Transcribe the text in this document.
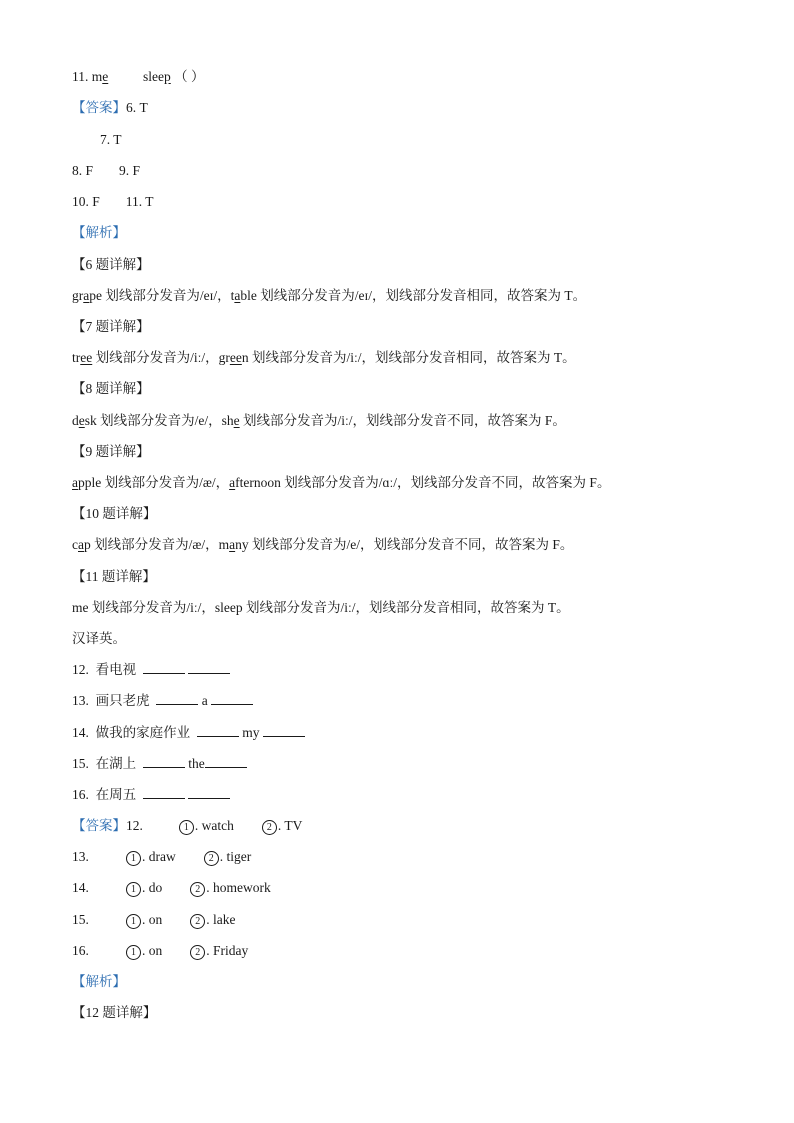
11. me	sleep （ ）
【答案】6. T
7. T
8. F 9. F
10. F 11. T
【解析】
【6 题详解】
grape 划线部分发音为/eɪ/，table 划线部分发音为/eɪ/，划线部分发音相同，故答案为 T。
【7 题详解】
tree 划线部分发音为/iː/，green 划线部分发音为/iː/，划线部分发音相同，故答案为 T。
【8 题详解】
desk 划线部分发音为/e/，she 划线部分发音为/iː/，划线部分发音不同，故答案为 F。
【9 题详解】
apple 划线部分发音为/æ/，afternoon 划线部分发音为/ɑː/，划线部分发音不同，故答案为 F。
【10 题详解】
cap 划线部分发音为/æ/，many 划线部分发音为/e/，划线部分发音不同，故答案为 F。
【11 题详解】
me 划线部分发音为/iː/，sleep 划线部分发音为/iː/，划线部分发音相同，故答案为 T。
汉译英。
12. 看电视
13. 画只老虎	a
14. 做我的家庭作业	my
15. 在湖上	the
16. 在周五
【答案】12.	1 . watch	2 . TV
13.	1 . draw	2 . tiger
14.	1 . do	2 . homework
15.	1 . on	2 . lake
16.	1 . on	2 . Friday
【解析】
【12 题详解】
